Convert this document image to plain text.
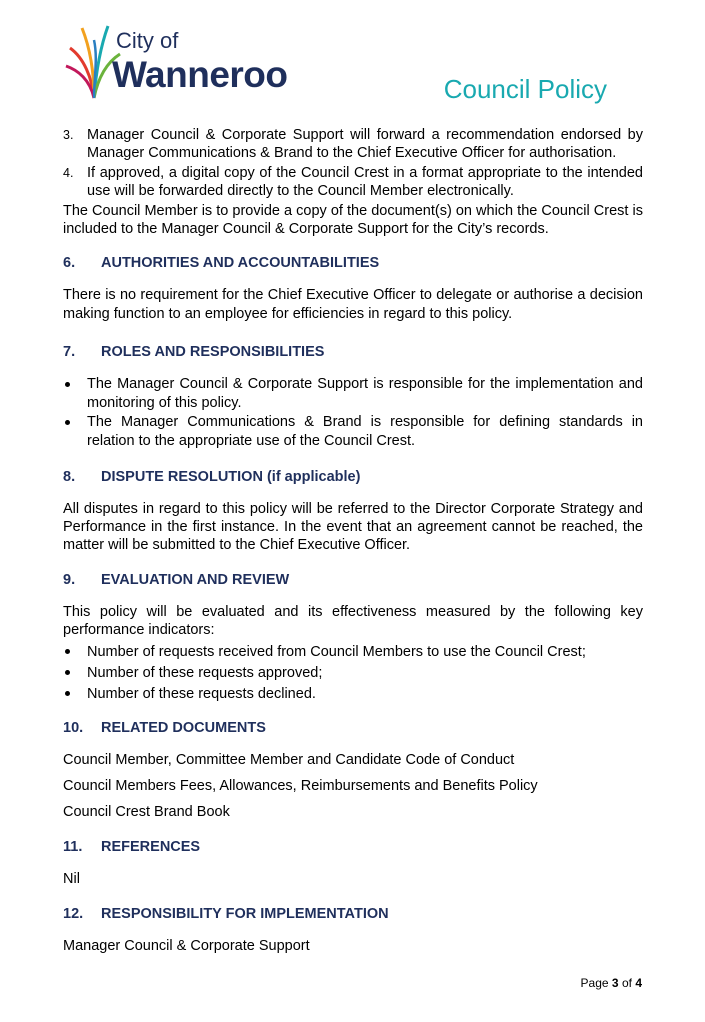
City of
Wanneroo	Council Policy
3. Manager Council & Corporate Support will forward a recommendation endorsed by Manager Communications & Brand to the Chief Executive Officer for authorisation.
4. If approved, a digital copy of the Council Crest in a format appropriate to the intended use will be forwarded directly to the Council Member electronically.

The Council Member is to provide a copy of the document(s) on which the Council Crest is included to the Manager Council & Corporate Support for the City’s records.

6.	AUTHORITIES AND ACCOUNTABILITIES

There is no requirement for the Chief Executive Officer to delegate or authorise a decision making function to an employee for efficiencies in regard to this policy.

7.	ROLES AND RESPONSIBILITIES
The Manager Council & Corporate Support is responsible for the implementation and monitoring of this policy.
The Manager Communications & Brand is responsible for defining standards in relation to the appropriate use of the Council Crest.
8.	DISPUTE RESOLUTION (if applicable)

All disputes in regard to this policy will be referred to the Director Corporate Strategy and Performance in the first instance. In the event that an agreement cannot be reached, the matter will be submitted to the Chief Executive Officer.

9.	EVALUATION AND REVIEW

This policy will be evaluated and its effectiveness measured by the following key performance indicators:

Number of requests received from Council Members to use the Council Crest;
Number of these requests approved;
Number of these requests declined.
10.	RELATED DOCUMENTS

Council Member, Committee Member and Candidate Code of Conduct

Council Members Fees, Allowances, Reimbursements and Benefits Policy

Council Crest Brand Book

11.	REFERENCES

Nil

12.	RESPONSIBILITY FOR IMPLEMENTATION

Manager Council & Corporate Support

Page 3 of 4
